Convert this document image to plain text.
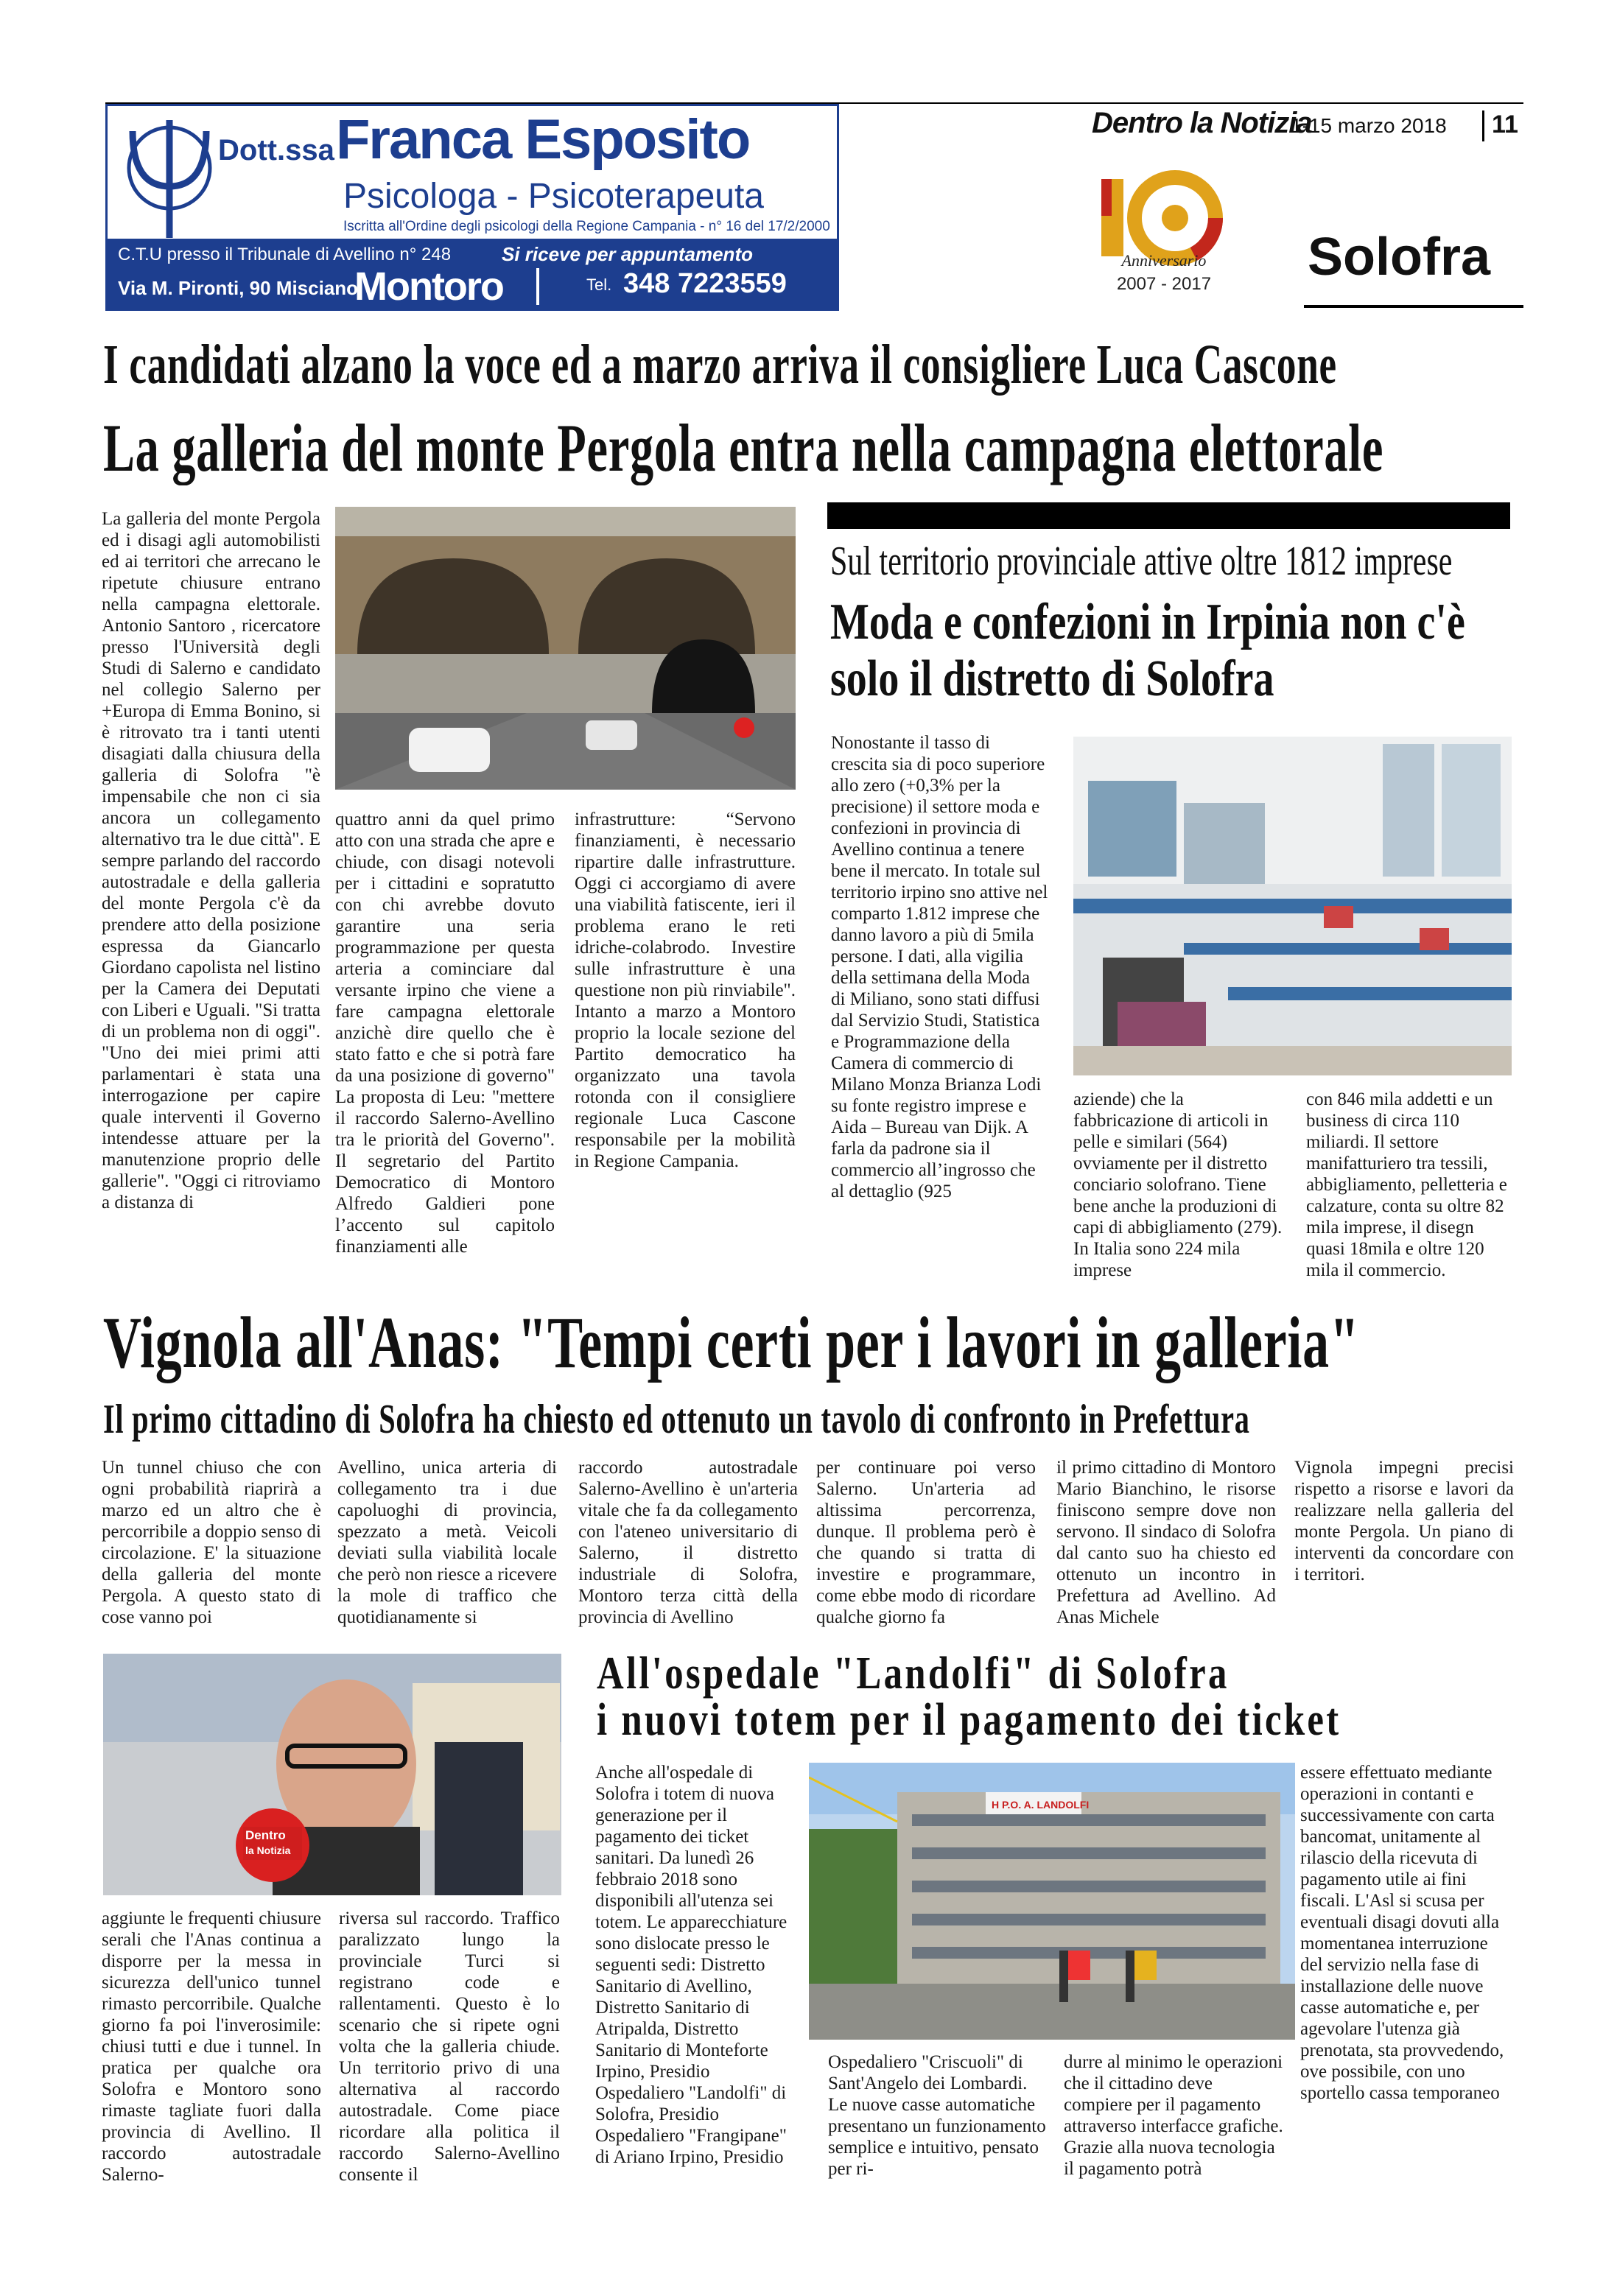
Dott.ssa Franca Esposito
Psicologa - Psicoterapeuta
Iscritta all'Ordine degli psicologi della Regione Campania - n° 16 del 17/2/2000
C.T.U presso il Tribunale di Avellino n° 248	Si riceve per appuntamento
Via M. Pironti, 90 Misciano
Montoro	Tel. 348 7223559
Dentro la Notizia
1-15 marzo 2018 11
Anniversario
2007 - 2017 Solofra
I candidati alzano la voce ed a marzo arriva il consigliere Luca Cascone
La galleria del monte Pergola entra nella campagna elettorale
La galleria del monte Pergola ed i disagi agli automobilisti ed ai territori che arrecano le ripetute chiusure entrano nella campagna elettorale. Antonio Santoro , ricercatore presso l'Università degli Studi di Salerno e candidato nel collegio Salerno per +Europa di Emma Bonino, si è ritrovato tra i tanti utenti disagiati dalla chiusura della galleria di Solofra "è impensabile che non ci sia ancora un collegamento alternativo tra le due città". E sempre parlando del raccordo autostradale e della galleria del monte Pergola c'è da prendere atto della posizione espressa da Giancarlo Giordano capolista nel listino per la Camera dei Deputati con Liberi e Uguali. "Si tratta di un problema non di oggi". "Uno dei miei primi atti parlamentari è stata una interrogazione per capire quale interventi il Governo intendesse attuare per la manutenzione proprio delle gallerie". "Oggi ci ritroviamo a distanza di
quattro anni da quel primo atto con una strada che apre e chiude, con disagi notevoli per i cittadini e sopratutto con chi avrebbe dovuto garantire una seria programmazione per questa arteria a cominciare dal versante irpino che viene a fare campagna elettorale anzichè dire quello che è stato fatto e che si potrà fare da una posizione di governo" La proposta di Leu: "mettere il raccordo Salerno-Avellino tra le priorità del Governo". Il segretario del Partito Democratico di Montoro Alfredo Galdieri pone l’accento sul capitolo finanziamenti alle
infrastrutture: “Servono finanziamenti, è necessario ripartire dalle infrastrutture. Oggi ci accorgiamo di avere una viabilità fatiscente, ieri il problema erano le reti idriche-colabrodo. Investire sulle infrastrutture è una questione non più rinviabile". Intanto a marzo a Montoro proprio la locale sezione del Partito democratico ha organizzato una tavola rotonda con il consigliere regionale Luca Cascone responsabile per la mobilità in Regione Campania.
Sul territorio provinciale attive oltre 1812 imprese
Moda e confezioni in Irpinia non c'è
solo il distretto di Solofra
Nonostante il tasso di crescita sia di poco superiore allo zero (+0,3% per la precisione) il settore moda e confezioni in provincia di Avellino continua a tenere bene il mercato. In totale sul territorio irpino sno attive nel comparto 1.812 imprese che danno lavoro a più di 5mila persone. I dati, alla vigilia della settimana della Moda di Miliano, sono stati diffusi dal Servizio Studi, Statistica e Programmazione della Camera di commercio di Milano Monza Brianza Lodi su fonte registro imprese e Aida – Bureau van Dijk. A farla da padrone sia il commercio all’ingrosso che al dettaglio (925
aziende) che la fabbricazione di articoli in pelle e similari (564) ovviamente per il distretto conciario solofrano. Tiene bene anche la produzioni di capi di abbigliamento (279). In Italia sono 224 mila imprese
con 846 mila addetti e un business di circa 110 miliardi. Il settore manifatturiero tra tessili, abbigliamento, pelletteria e calzature, conta su oltre 82 mila imprese, il disegn quasi 18mila e oltre 120 mila il commercio.
Vignola all'Anas: "Tempi certi per i lavori in galleria"
Il primo cittadino di Solofra ha chiesto ed ottenuto un tavolo di confronto in Prefettura
Un tunnel chiuso che con ogni probabilità riaprirà a marzo ed un altro che è percorribile a doppio senso di circolazione. E' la situazione della galleria del monte Pergola. A questo stato di cose vanno poi
Avellino, unica arteria di collegamento tra i due capoluoghi di provincia, spezzato a metà. Veicoli deviati sulla viabilità locale che però non riesce a ricevere la mole di traffico che quotidianamente si
raccordo autostradale Salerno-Avellino è un'arteria vitale che fa da collegamento con l'ateneo universitario di Salerno, il distretto industriale di Solofra, Montoro terza città della provincia di Avellino
per continuare poi verso Salerno. Un'arteria ad altissima percorrenza, dunque. Il problema però è che quando si tratta di investire e programmare, come ebbe modo di ricordare qualche giorno fa
il primo cittadino di Montoro Mario Bianchino, le risorse finiscono sempre dove non servono. Il sindaco di Solofra dal canto suo ha chiesto ed ottenuto un incontro in Prefettura ad Avellino. Ad Anas Michele
Vignola impegni precisi rispetto a risorse e lavori da realizzare nella galleria del monte Pergola. Un piano di interventi da concordare con i territori.
Dentro
la Notizia
aggiunte le frequenti chiusure serali che l'Anas continua a disporre per la messa in sicurezza dell'unico tunnel rimasto percorribile. Qualche giorno fa poi l'inverosimile: chiusi tutti e due i tunnel. In pratica per qualche ora Solofra e Montoro sono rimaste tagliate fuori dalla provincia di Avellino. Il raccordo autostradale Salerno-
riversa sul raccordo. Traffico paralizzato lungo la provinciale Turci si registrano code e rallentamenti. Questo è lo scenario che si ripete ogni volta che la galleria chiude. Un territorio privo di una alternativa al raccordo autostradale. Come piace ricordare alla politica il raccordo Salerno-Avellino consente il
All'ospedale "Landolfi" di Solofra
i nuovi totem per il pagamento dei ticket
Anche all'ospedale di Solofra i totem di nuova generazione per il pagamento dei ticket sanitari. Da lunedì 26 febbraio 2018 sono disponibili all'utenza sei totem. Le apparecchiature sono dislocate presso le seguenti sedi: Distretto Sanitario di Avellino, Distretto Sanitario di Atripalda, Distretto Sanitario di Monteforte Irpino, Presidio Ospedaliero "Landolfi" di Solofra, Presidio Ospedaliero "Frangipane" di Ariano Irpino, Presidio
H P.O. A. LANDOLFI
Ospedaliero "Criscuoli" di Sant'Angelo dei Lombardi. Le nuove casse automatiche presentano un funzionamento semplice e intuitivo, pensato per ri-
durre al minimo le operazioni che il cittadino deve compiere per il pagamento attraverso interfacce grafiche. Grazie alla nuova tecnologia il pagamento potrà
essere effettuato mediante operazioni in contanti e successivamente con carta bancomat, unitamente al rilascio della ricevuta di pagamento utile ai fini fiscali. L'Asl si scusa per eventuali disagi dovuti alla momentanea interruzione del servizio nella fase di installazione delle nuove casse automatiche e, per agevolare l'utenza già prenotata, sta provvedendo, ove possibile, con uno sportello cassa temporaneo
